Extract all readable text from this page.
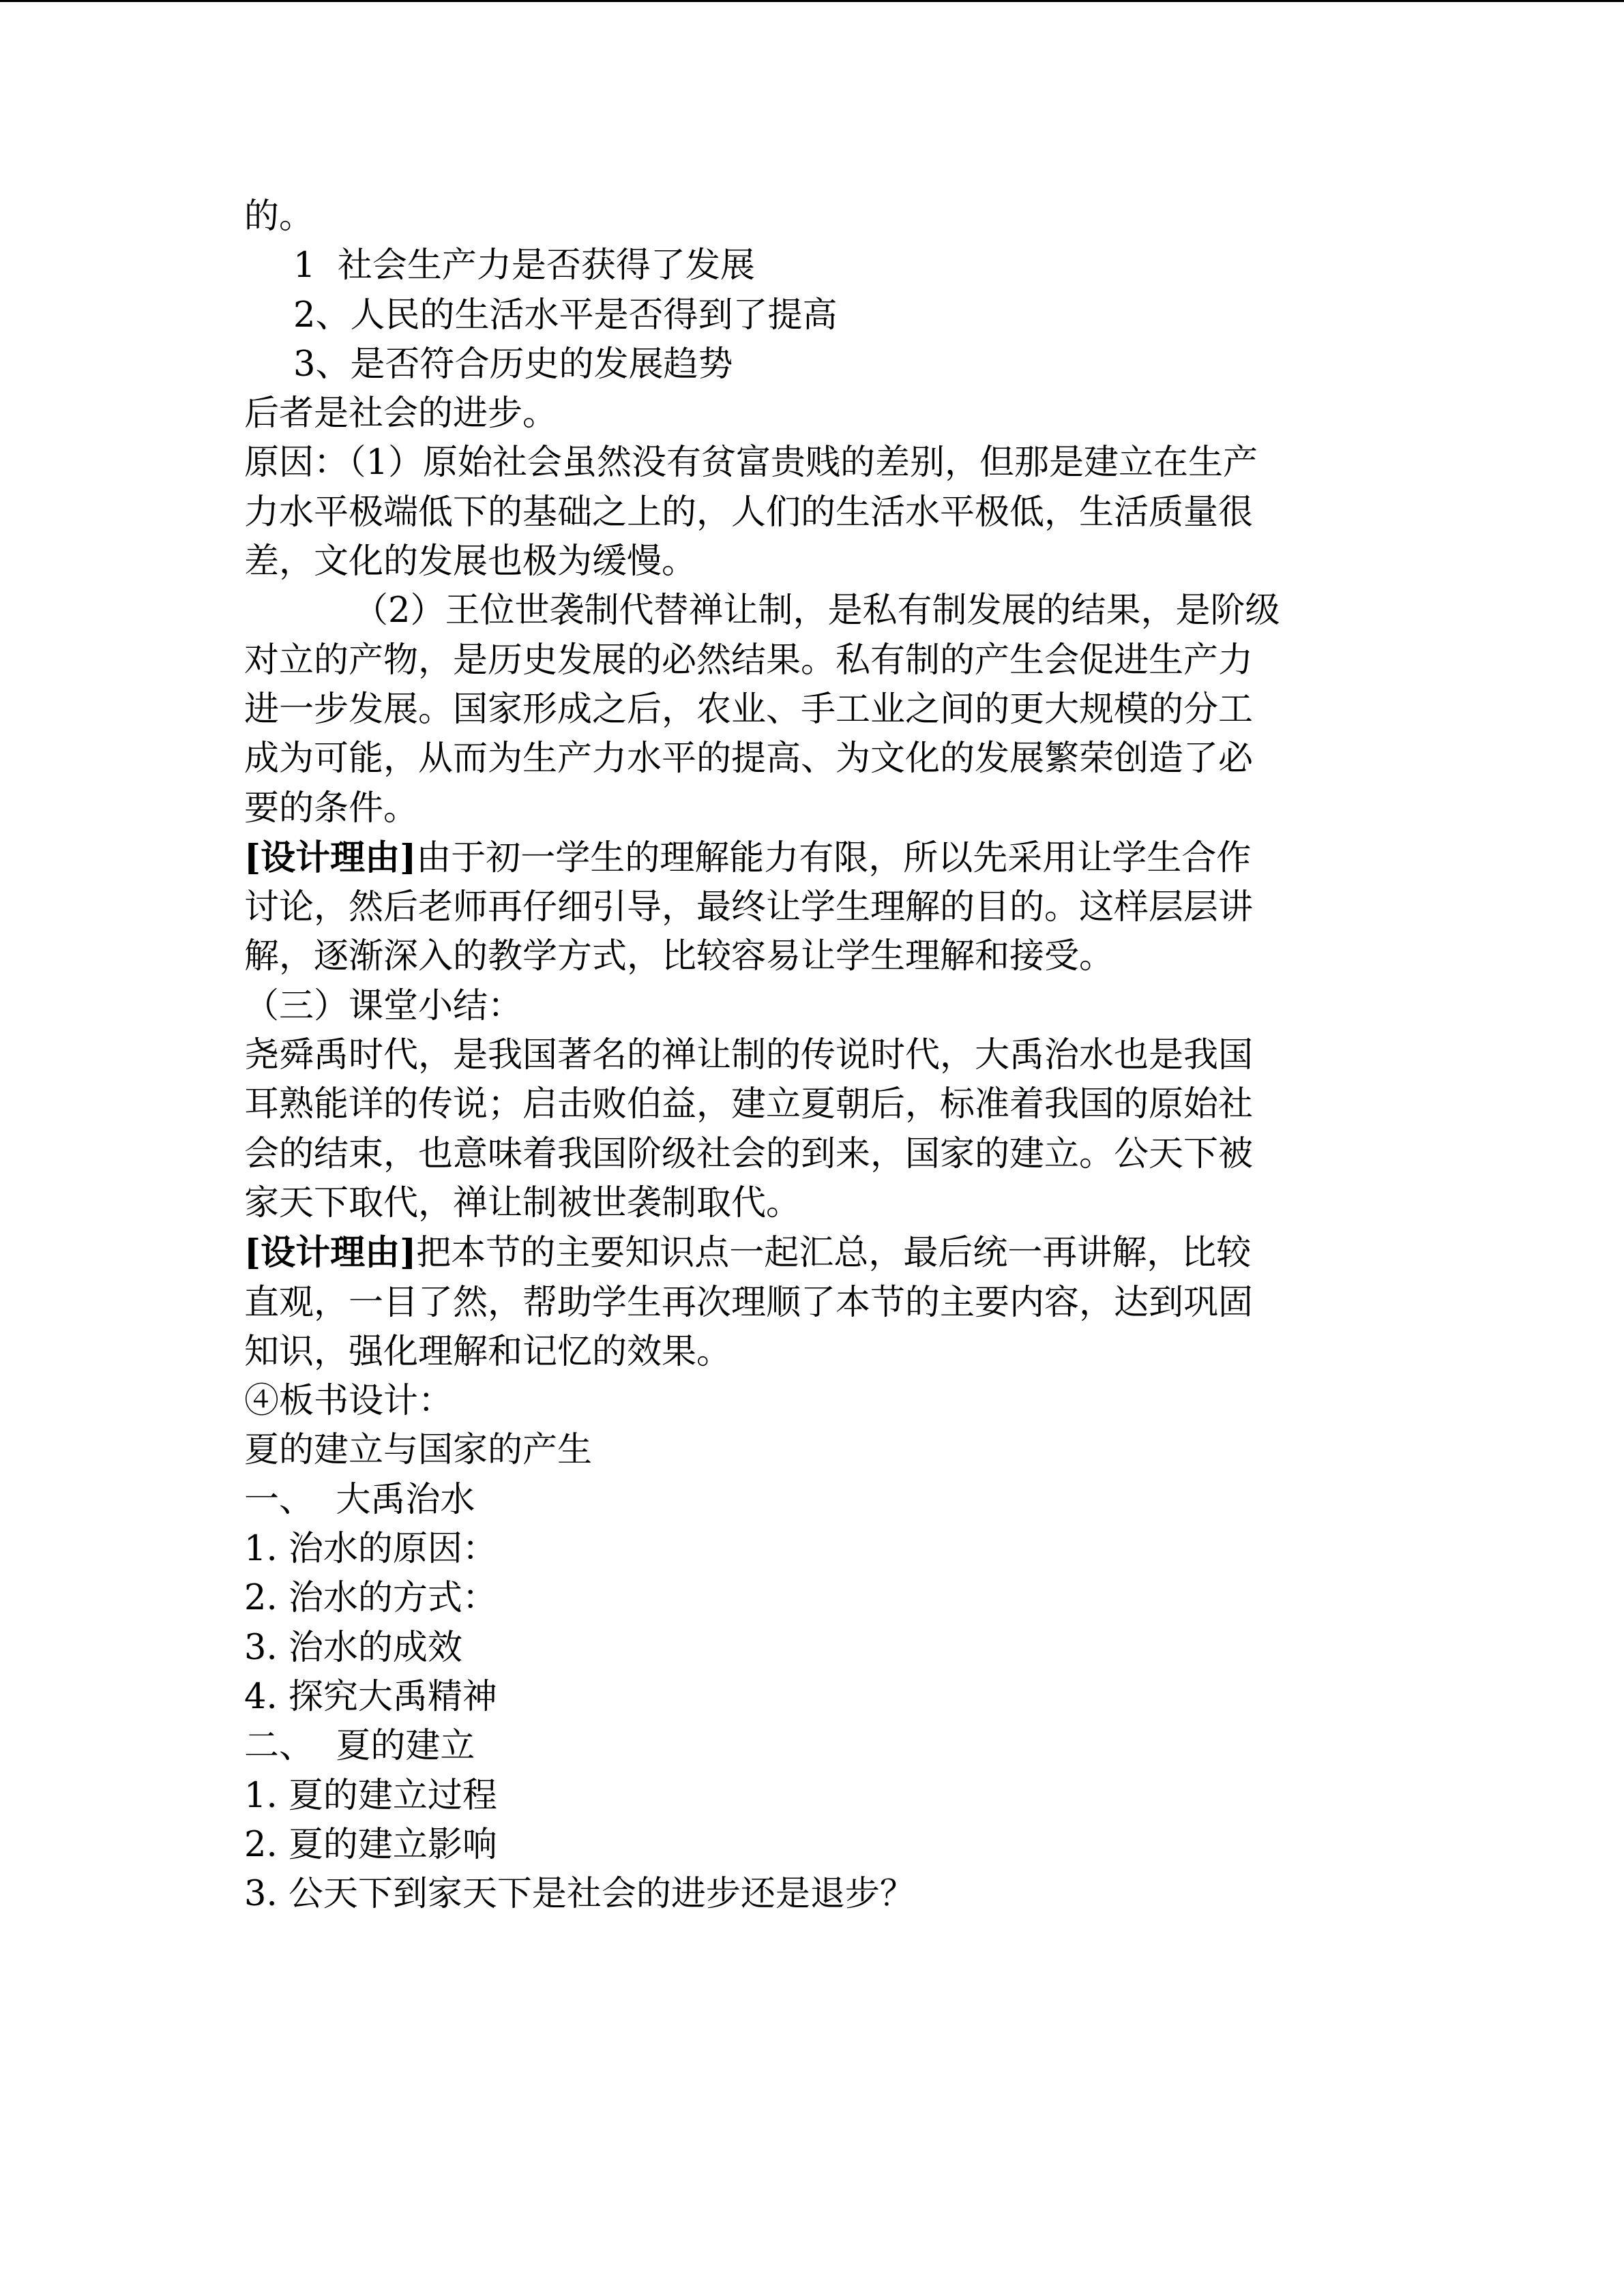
的。

1  社会生产力是否获得了发展

2、人民的生活水平是否得到了提高

3、是否符合历史的发展趋势

后者是社会的进步。

原因：（1）原始社会虽然没有贫富贵贱的差别，但那是建立在生产

力水平极端低下的基础之上的，人们的生活水平极低，生活质量很

差，文化的发展也极为缓慢。

（2）王位世袭制代替禅让制，是私有制发展的结果，是阶级

对立的产物，是历史发展的必然结果。私有制的产生会促进生产力

进一步发展。国家形成之后，农业、手工业之间的更大规模的分工

成为可能，从而为生产力水平的提高、为文化的发展繁荣创造了必

要的条件。

[设计理由]由于初一学生的理解能力有限，所以先采用让学生合作

讨论，然后老师再仔细引导，最终让学生理解的目的。这样层层讲

解，逐渐深入的教学方式，比较容易让学生理解和接受。

（三）课堂小结：

尧舜禹时代，是我国著名的禅让制的传说时代，大禹治水也是我国

耳熟能详的传说；启击败伯益，建立夏朝后，标准着我国的原始社

会的结束，也意味着我国阶级社会的到来，国家的建立。公天下被

家天下取代，禅让制被世袭制取代。

[设计理由]把本节的主要知识点一起汇总，最后统一再讲解，比较

直观，一目了然，帮助学生再次理顺了本节的主要内容，达到巩固

知识，强化理解和记忆的效果。

④板书设计：

夏的建立与国家的产生

一、  大禹治水

1. 治水的原因：

2. 治水的方式：

3. 治水的成效

4. 探究大禹精神

二、  夏的建立

1. 夏的建立过程

2. 夏的建立影响

3. 公天下到家天下是社会的进步还是退步？
